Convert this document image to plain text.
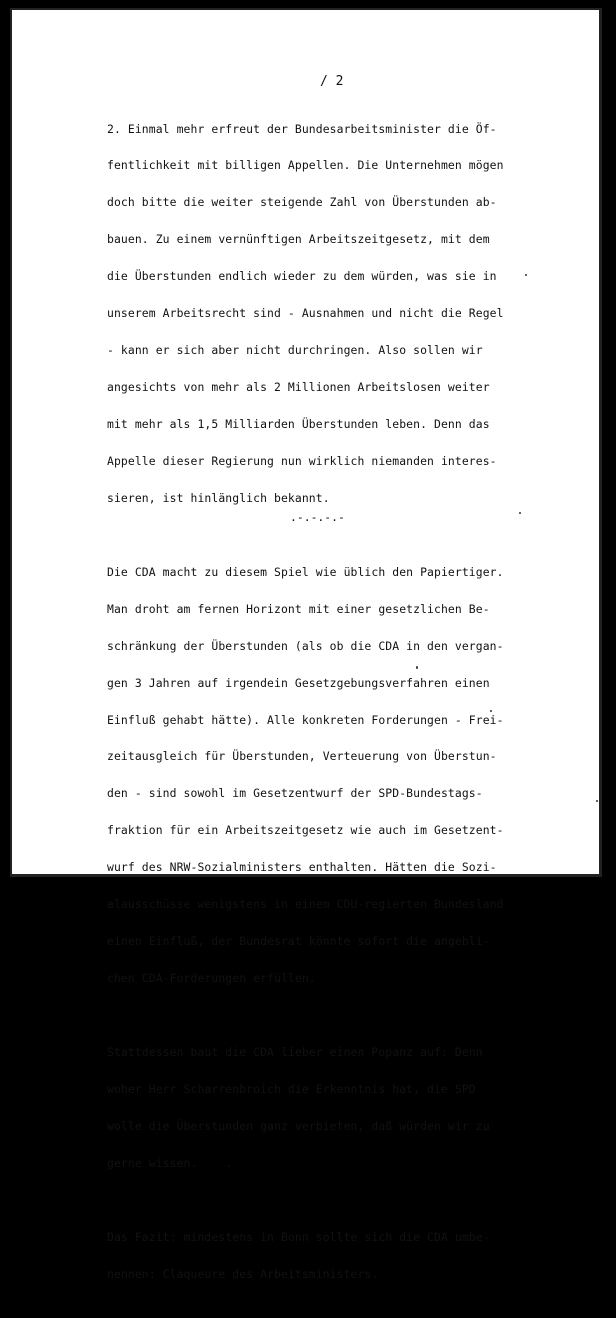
/ 2

2. Einmal mehr erfreut der Bundesarbeitsminister die Öf-

fentlichkeit mit billigen Appellen. Die Unternehmen mögen

doch bitte die weiter steigende Zahl von Überstunden ab-

bauen. Zu einem vernünftigen Arbeitszeitgesetz, mit dem

die Überstunden endlich wieder zu dem würden, was sie in

unserem Arbeitsrecht sind - Ausnahmen und nicht die Regel

- kann er sich aber nicht durchringen. Also sollen wir

angesichts von mehr als 2 Millionen Arbeitslosen weiter

mit mehr als 1,5 Milliarden Überstunden leben. Denn das

Appelle dieser Regierung nun wirklich niemanden interes-

sieren, ist hinlänglich bekannt.

Die CDA macht zu diesem Spiel wie üblich den Papiertiger.

Man droht am fernen Horizont mit einer gesetzlichen Be-

schränkung der Überstunden (als ob die CDA in den vergan-

gen 3 Jahren auf irgendein Gesetzgebungsverfahren einen

Einfluß gehabt hätte). Alle konkreten Forderungen - Frei-

zeitausgleich für Überstunden, Verteuerung von Überstun-

den - sind sowohl im Gesetzentwurf der SPD-Bundestags-

fraktion für ein Arbeitszeitgesetz wie auch im Gesetzent-

wurf des NRW-Sozialministers enthalten. Hätten die Sozi-

alausschüsse wenigstens in einem CDU-regierten Bundesland

einen Einfluß, der Bundesrat könnte sofort die angebli-

chen CDA-Forderungen erfüllen.

Stattdessen baut die CDA lieber einen Popanz auf: Denn

woher Herr Scharrenbroich die Erkenntnis hat, die SPD

wolle die Überstunden ganz verbieten, daß würden wir zu

gerne wissen.    .

Das Fazit: mindestens in Bonn sollte sich die CDA umbe-

nennen: Claqueure des Arbeitsministers.

.-.-.-.-
